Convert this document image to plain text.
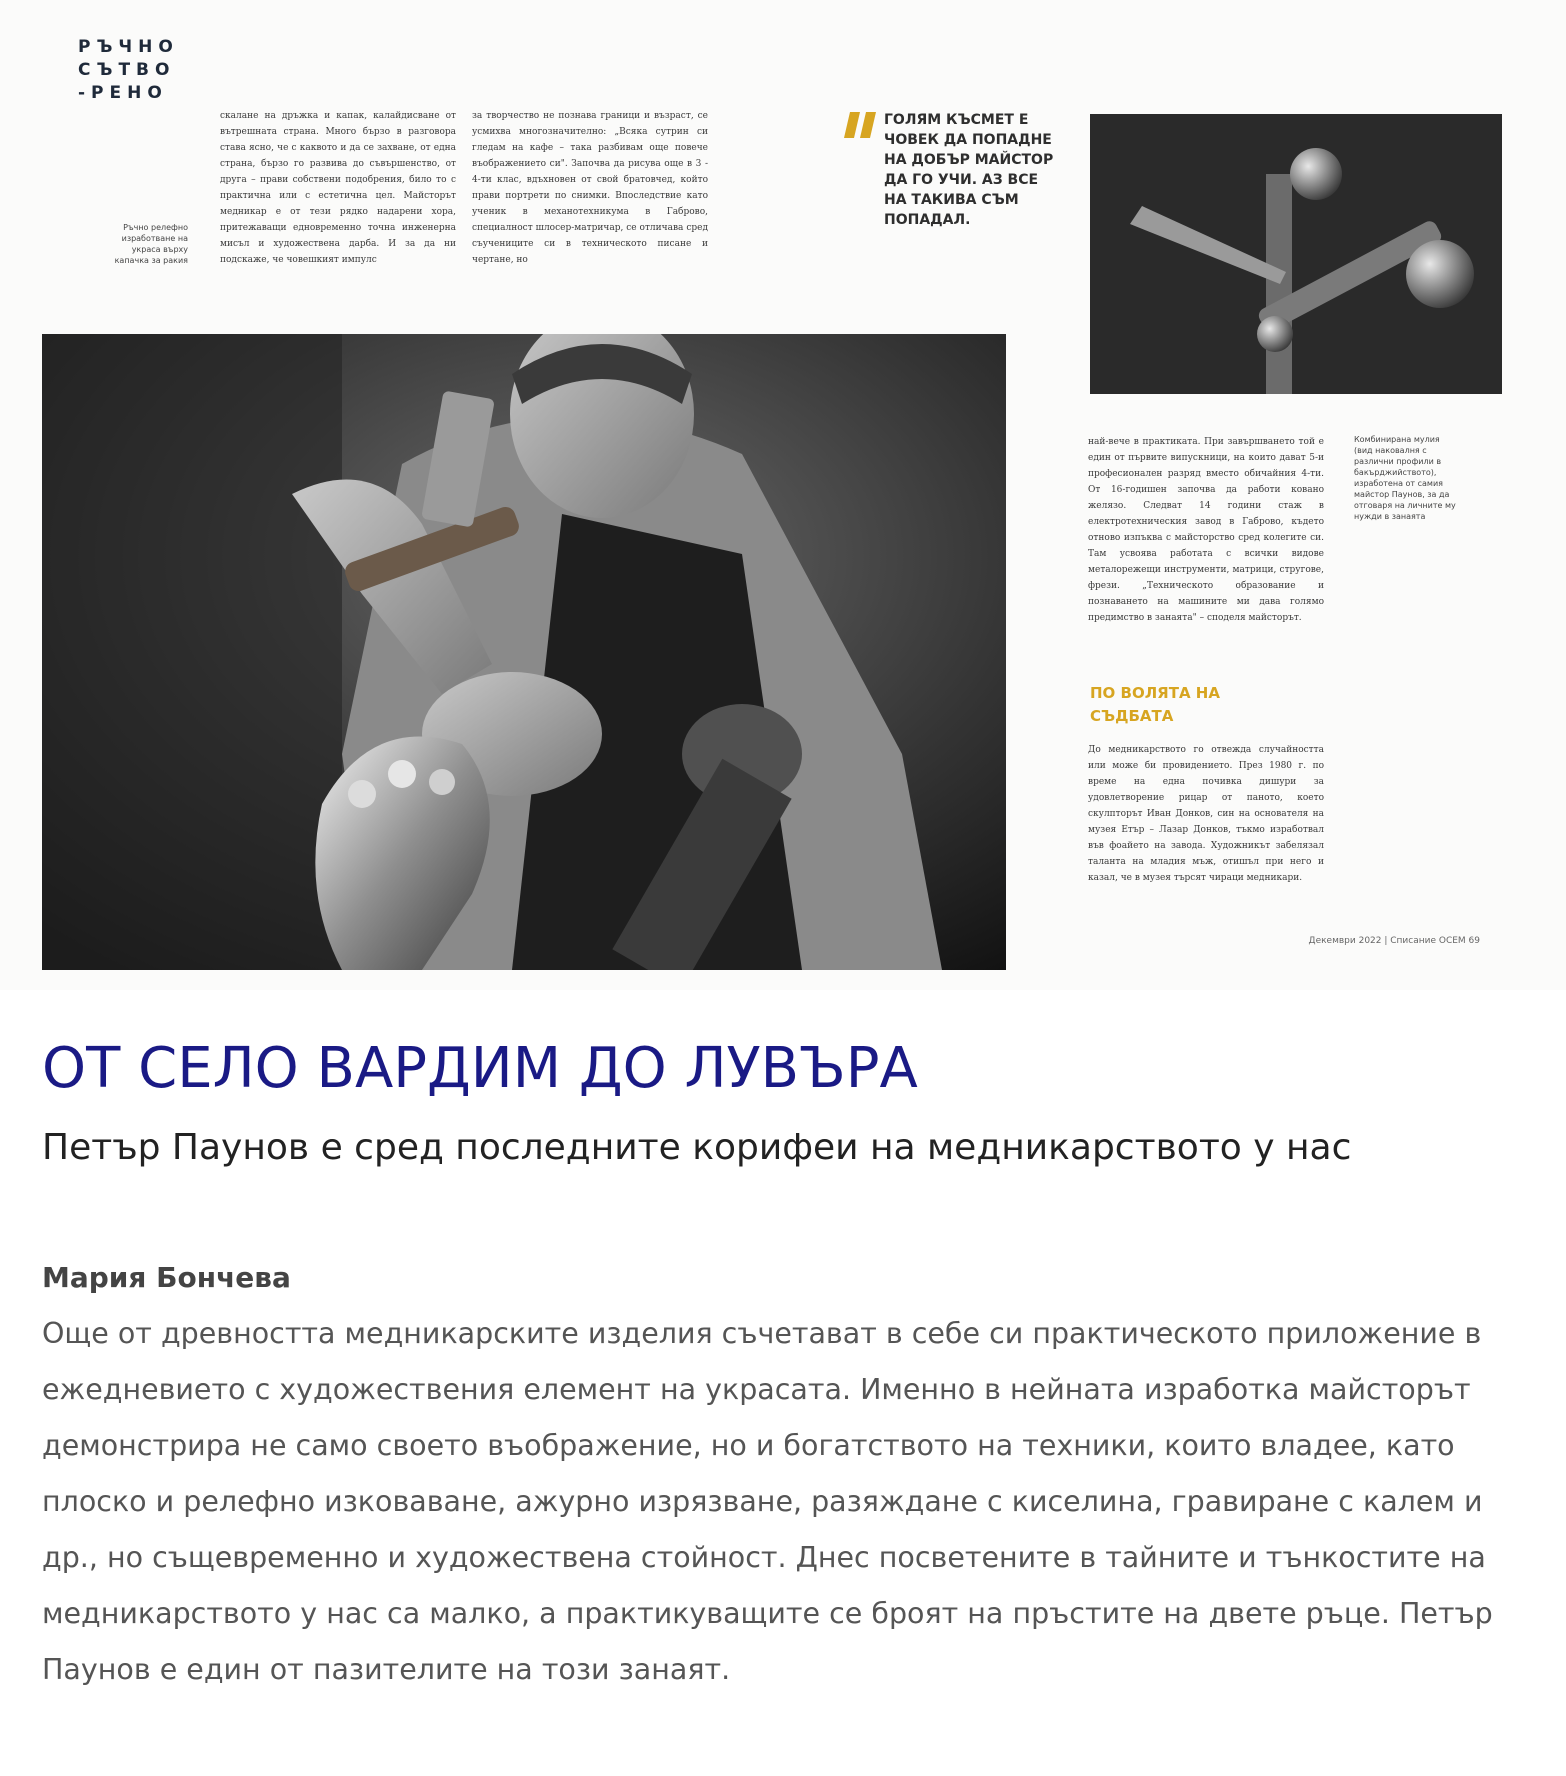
РЪЧНО
СЪТВО
-РЕНО
Ръчно релефно изработване на украса върху капачка за ракия
скалане на дръжка и капак, калайдисване от вътрешната страна. Много бързо в разговора става ясно, че с каквото и да се захване, от една страна, бързо го развива до съвършенство, от друга – прави собствени подобрения, било то с практична или с естетична цел. Майсторът медникар е от тези рядко надарени хора, притежаващи едновременно точна инженерна мисъл и художествена дарба. И за да ни подскаже, че човешкият импулс
за творчество не познава граници и възраст, се усмихва многозначително: „Всяка сутрин си гледам на кафе – така разбивам още повече въображението си". Започва да рисува още в 3 - 4-ти клас, вдъхновен от свой братовчед, който прави портрети по снимки. Впоследствие като ученик в механотехникума в Габрово, специалност шлосер-матричар, се отличава сред съучениците си в техническото писане и чертане, но
ГОЛЯМ КЪСМЕТ Е ЧОВЕК ДА ПОПАДНЕ НА ДОБЪР МАЙСТОР ДА ГО УЧИ. АЗ ВСЕ НА ТАКИВА СЪМ ПОПАДАЛ.
най-вече в практиката. При завършването той е един от първите випускници, на които дават 5-и професионален разряд вместо обичайния 4-ти. От 16-годишен започва да работи ковано желязо. Следват 14 години стаж в електротехническия завод в Габрово, където отново изпъква с майсторство сред колегите си. Там усвоява работата с всички видове металорежещи инструменти, матрици, стругове, фрези. „Техническото образование и познаването на машините ми дава голямо предимство в занаята" – споделя майсторът.
Комбинирана мулия (вид наковалня с различни профили в бакърджийството), изработена от самия майстор Паунов, за да отговаря на личните му нужди в занаята
ПО ВОЛЯТА НА СЪДБАТА
До медникарството го отвежда случайността или може би провидението. През 1980 г. по време на една почивка дишури за удовлетворение рицар от паното, което скулпторът Иван Донков, син на основателя на музея Етър – Лазар Донков, тъкмо изработвал във фоайето на завода. Художникът забелязал таланта на младия мъж, отишъл при него и казал, че в музея търсят чираци медникари.
Декември 2022 | Списание ОСЕМ 69
ОТ СЕЛО ВАРДИМ ДО ЛУВЪРА
Петър Паунов е сред последните корифеи на медникарството у нас
Мария Бончева

Още от древността медникарските изделия съчетават в себе си практическото приложение в ежедневието с художествения елемент на украсата. Именно в нейната изработка майсторът демонстрира не само своето въображение, но и богатството на техники, които владее, като плоско и релефно изковаване, ажурно изрязване, разяждане с киселина, гравиране с калем и др., но същевременно и художествена стойност. Днес посветените в тайните и тънкостите на медникарството у нас са малко, а практикуващите се броят на пръстите на двете ръце. Петър Паунов е един от пазителите на този занаят.
